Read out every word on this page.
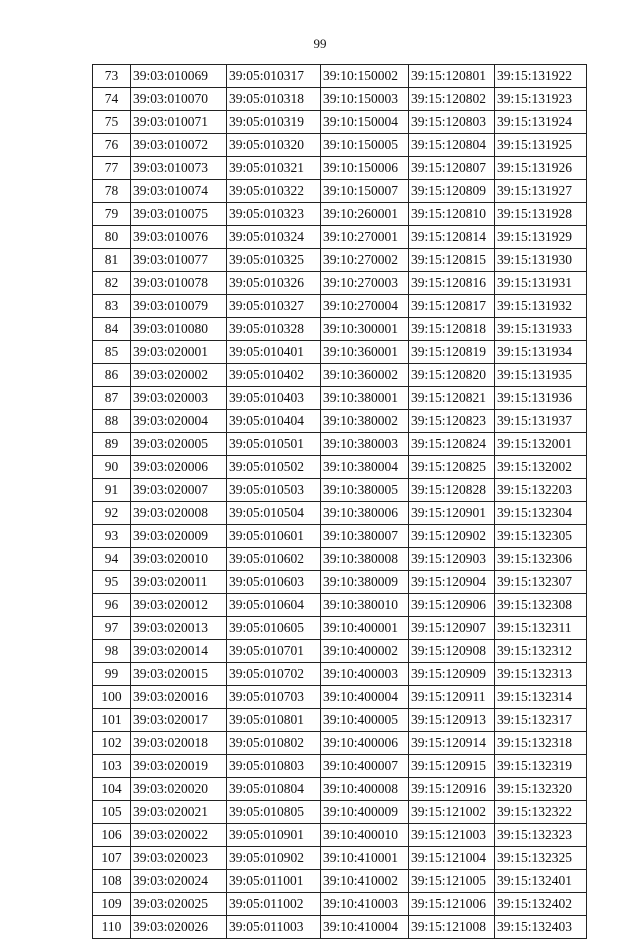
99
73	39:03:010069	39:05:010317	39:10:150002	39:15:120801	39:15:131922
74	39:03:010070	39:05:010318	39:10:150003	39:15:120802	39:15:131923
75	39:03:010071	39:05:010319	39:10:150004	39:15:120803	39:15:131924
76	39:03:010072	39:05:010320	39:10:150005	39:15:120804	39:15:131925
77	39:03:010073	39:05:010321	39:10:150006	39:15:120807	39:15:131926
78	39:03:010074	39:05:010322	39:10:150007	39:15:120809	39:15:131927
79	39:03:010075	39:05:010323	39:10:260001	39:15:120810	39:15:131928
80	39:03:010076	39:05:010324	39:10:270001	39:15:120814	39:15:131929
81	39:03:010077	39:05:010325	39:10:270002	39:15:120815	39:15:131930
82	39:03:010078	39:05:010326	39:10:270003	39:15:120816	39:15:131931
83	39:03:010079	39:05:010327	39:10:270004	39:15:120817	39:15:131932
84	39:03:010080	39:05:010328	39:10:300001	39:15:120818	39:15:131933
85	39:03:020001	39:05:010401	39:10:360001	39:15:120819	39:15:131934
86	39:03:020002	39:05:010402	39:10:360002	39:15:120820	39:15:131935
87	39:03:020003	39:05:010403	39:10:380001	39:15:120821	39:15:131936
88	39:03:020004	39:05:010404	39:10:380002	39:15:120823	39:15:131937
89	39:03:020005	39:05:010501	39:10:380003	39:15:120824	39:15:132001
90	39:03:020006	39:05:010502	39:10:380004	39:15:120825	39:15:132002
91	39:03:020007	39:05:010503	39:10:380005	39:15:120828	39:15:132203
92	39:03:020008	39:05:010504	39:10:380006	39:15:120901	39:15:132304
93	39:03:020009	39:05:010601	39:10:380007	39:15:120902	39:15:132305
94	39:03:020010	39:05:010602	39:10:380008	39:15:120903	39:15:132306
95	39:03:020011	39:05:010603	39:10:380009	39:15:120904	39:15:132307
96	39:03:020012	39:05:010604	39:10:380010	39:15:120906	39:15:132308
97	39:03:020013	39:05:010605	39:10:400001	39:15:120907	39:15:132311
98	39:03:020014	39:05:010701	39:10:400002	39:15:120908	39:15:132312
99	39:03:020015	39:05:010702	39:10:400003	39:15:120909	39:15:132313
100	39:03:020016	39:05:010703	39:10:400004	39:15:120911	39:15:132314
101	39:03:020017	39:05:010801	39:10:400005	39:15:120913	39:15:132317
102	39:03:020018	39:05:010802	39:10:400006	39:15:120914	39:15:132318
103	39:03:020019	39:05:010803	39:10:400007	39:15:120915	39:15:132319
104	39:03:020020	39:05:010804	39:10:400008	39:15:120916	39:15:132320
105	39:03:020021	39:05:010805	39:10:400009	39:15:121002	39:15:132322
106	39:03:020022	39:05:010901	39:10:400010	39:15:121003	39:15:132323
107	39:03:020023	39:05:010902	39:10:410001	39:15:121004	39:15:132325
108	39:03:020024	39:05:011001	39:10:410002	39:15:121005	39:15:132401
109	39:03:020025	39:05:011002	39:10:410003	39:15:121006	39:15:132402
110	39:03:020026	39:05:011003	39:10:410004	39:15:121008	39:15:132403
